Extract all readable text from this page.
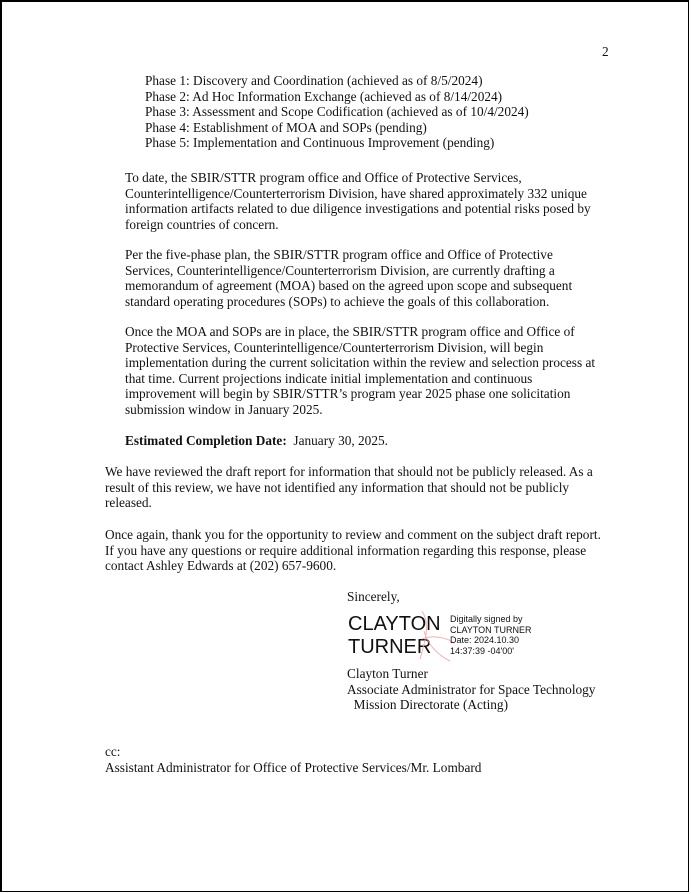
2
Phase 1: Discovery and Coordination (achieved as of 8/5/2024)
Phase 2: Ad Hoc Information Exchange (achieved as of 8/14/2024)
Phase 3: Assessment and Scope Codification (achieved as of 10/4/2024)
Phase 4: Establishment of MOA and SOPs (pending)
Phase 5: Implementation and Continuous Improvement (pending)
To date, the SBIR/STTR program office and Office of Protective Services,
Counterintelligence/Counterterrorism Division, have shared approximately 332 unique
information artifacts related to due diligence investigations and potential risks posed by
foreign countries of concern.
Per the five-phase plan, the SBIR/STTR program office and Office of Protective
Services, Counterintelligence/Counterterrorism Division, are currently drafting a
memorandum of agreement (MOA) based on the agreed upon scope and subsequent
standard operating procedures (SOPs) to achieve the goals of this collaboration.
Once the MOA and SOPs are in place, the SBIR/STTR program office and Office of
Protective Services, Counterintelligence/Counterterrorism Division, will begin
implementation during the current solicitation within the review and selection process at
that time. Current projections indicate initial implementation and continuous
improvement will begin by SBIR/STTR’s program year 2025 phase one solicitation
submission window in January 2025.
Estimated Completion Date:  January 30, 2025.
We have reviewed the draft report for information that should not be publicly released. As a
result of this review, we have not identified any information that should not be publicly
released.
Once again, thank you for the opportunity to review and comment on the subject draft report.
If you have any questions or require additional information regarding this response, please
contact Ashley Edwards at (202) 657-9600.
Sincerely,
CLAYTON
TURNER
Digitally signed by
CLAYTON TURNER
Date: 2024.10.30
14:37:39 -04'00'
Clayton Turner
Associate Administrator for Space Technology
Mission Directorate (Acting)
cc:
Assistant Administrator for Office of Protective Services/Mr. Lombard
